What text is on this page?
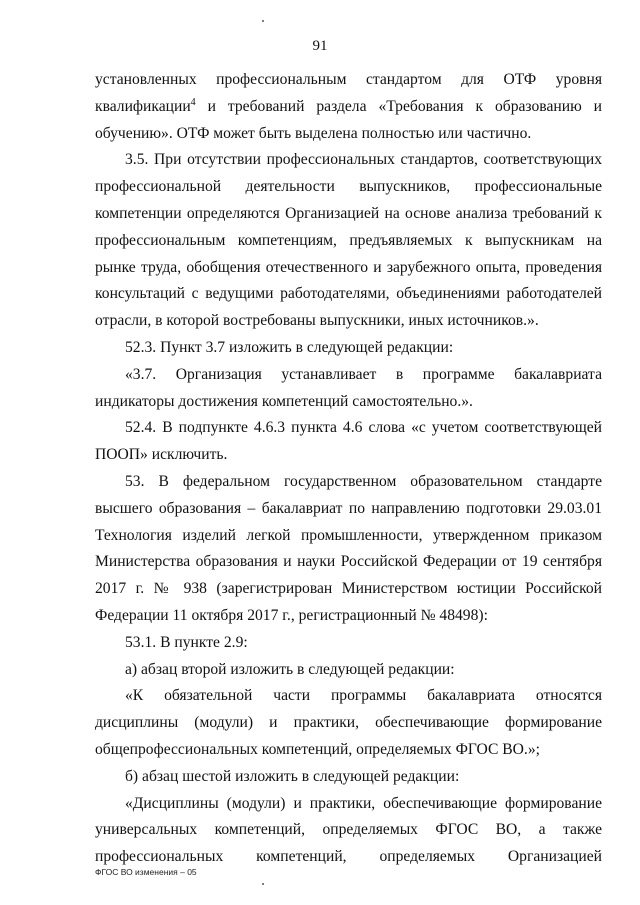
91

установленных профессиональным стандартом для ОТФ уровня квалификации$^4$ и требований раздела «Требования к образованию и обучению». ОТФ может быть выделена полностью или частично.

3.5. При отсутствии профессиональных стандартов, соответствующих профессиональной деятельности выпускников, профессиональные компетенции определяются Организацией на основе анализа требований к профессиональным компетенциям, предъявляемых к выпускникам на рынке труда, обобщения отечественного и зарубежного опыта, проведения консультаций с ведущими работодателями, объединениями работодателей отрасли, в которой востребованы выпускники, иных источников.».

52.3. Пункт 3.7 изложить в следующей редакции:

«3.7. Организация устанавливает в программе бакалавриата индикаторы достижения компетенций самостоятельно.».

52.4. В подпункте 4.6.3 пункта 4.6 слова «с учетом соответствующей ПООП» исключить.

53. В федеральном государственном образовательном стандарте высшего образования – бакалавриат по направлению подготовки 29.03.01 Технология изделий легкой промышленности, утвержденном приказом Министерства образования и науки Российской Федерации от 19 сентября 2017 г. № 938 (зарегистрирован Министерством юстиции Российской Федерации 11 октября 2017 г., регистрационный № 48498):

53.1. В пункте 2.9:

а) абзац второй изложить в следующей редакции:

«К обязательной части программы бакалавриата относятся дисциплины (модули) и практики, обеспечивающие формирование общепрофессиональных компетенций, определяемых ФГОС ВО.»;

б) абзац шестой изложить в следующей редакции:

«Дисциплины (модули) и практики, обеспечивающие формирование универсальных компетенций, определяемых ФГОС ВО, а также профессиональных компетенций, определяемых Организацией

ФГОС ВО изменения – 05
